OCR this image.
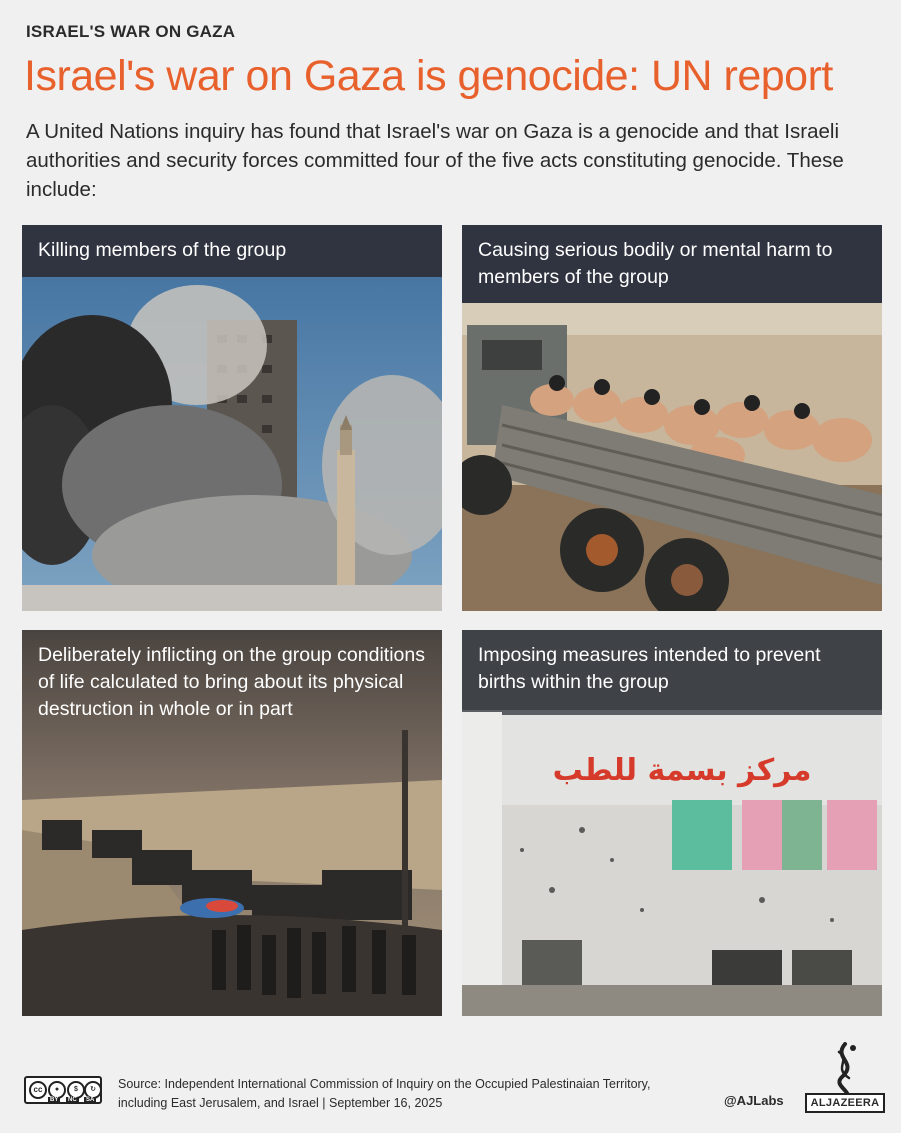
ISRAEL'S WAR ON GAZA
Israel's war on Gaza is genocide: UN report
A United Nations inquiry has found that Israel's war on Gaza is a genocide and that Israeli authorities and security forces committed four of the five acts constituting genocide. These include:
Killing members of the group	Causing serious bodily or mental harm to members of the group
Deliberately inflicting on the group conditions of life calculated to bring about its physical destruction in whole or in part
مركز بسمة للطب
Imposing measures intended to prevent births within the group
cc	●	$	↻
BY	NC	SA
Source: Independent International Commission of Inquiry on the Occupied Palestinaian Territory, including East Jerusalem, and Israel | September 16, 2025	@AJLabs	ALJAZEERA
